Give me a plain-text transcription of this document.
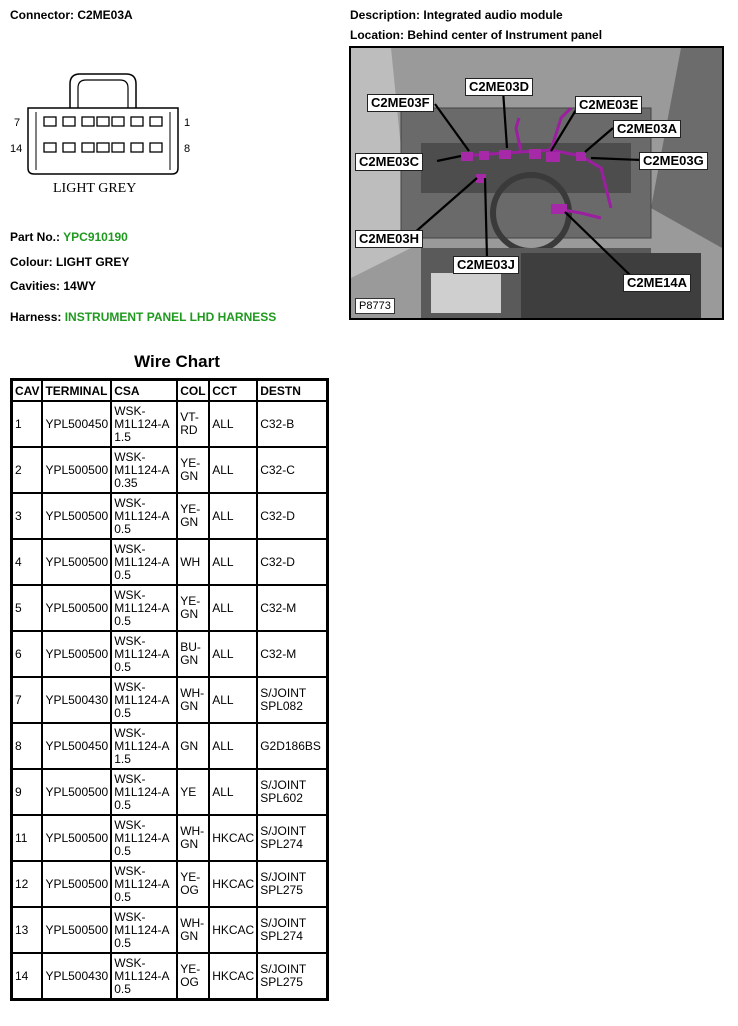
Connector: C2ME03A
7	1
14	8
LIGHT GREY
Part No.: YPC910190
Colour: LIGHT GREY
Cavities: 14WY
Harness: INSTRUMENT PANEL LHD HARNESS
Description: Integrated audio module
Location: Behind center of Instrument panel
C2ME03D
C2ME03F	C2ME03E
C2ME03A
C2ME03C	C2ME03G
C2ME03H
C2ME03J
C2ME14A
P8773
Wire Chart
CAV	TERMINAL	CSA	COL	CCT	DESTN
1	YPL500450	WSK-
M1L124-A
1.5	VT-
RD	ALL	C32-B
2	YPL500500	WSK-
M1L124-A
0.35	YE-
GN	ALL	C32-C
3	YPL500500	WSK-
M1L124-A
0.5	YE-
GN	ALL	C32-D
4	YPL500500	WSK-
M1L124-A
0.5	WH	ALL	C32-D
5	YPL500500	WSK-
M1L124-A
0.5	YE-
GN	ALL	C32-M
6	YPL500500	WSK-
M1L124-A
0.5	BU-
GN	ALL	C32-M
7	YPL500430	WSK-
M1L124-A
0.5	WH-
GN	ALL	S/JOINT
SPL082
8	YPL500450	WSK-
M1L124-A
1.5	GN	ALL	G2D186BS
9	YPL500500	WSK-
M1L124-A
0.5	YE	ALL	S/JOINT
SPL602
11	YPL500500	WSK-
M1L124-A
0.5	WH-
GN	HKCAC	S/JOINT
SPL274
12	YPL500500	WSK-
M1L124-A
0.5	YE-
OG	HKCAC	S/JOINT
SPL275
13	YPL500500	WSK-
M1L124-A
0.5	WH-
GN	HKCAC	S/JOINT
SPL274
14	YPL500430	WSK-
M1L124-A
0.5	YE-
OG	HKCAC	S/JOINT
SPL275
